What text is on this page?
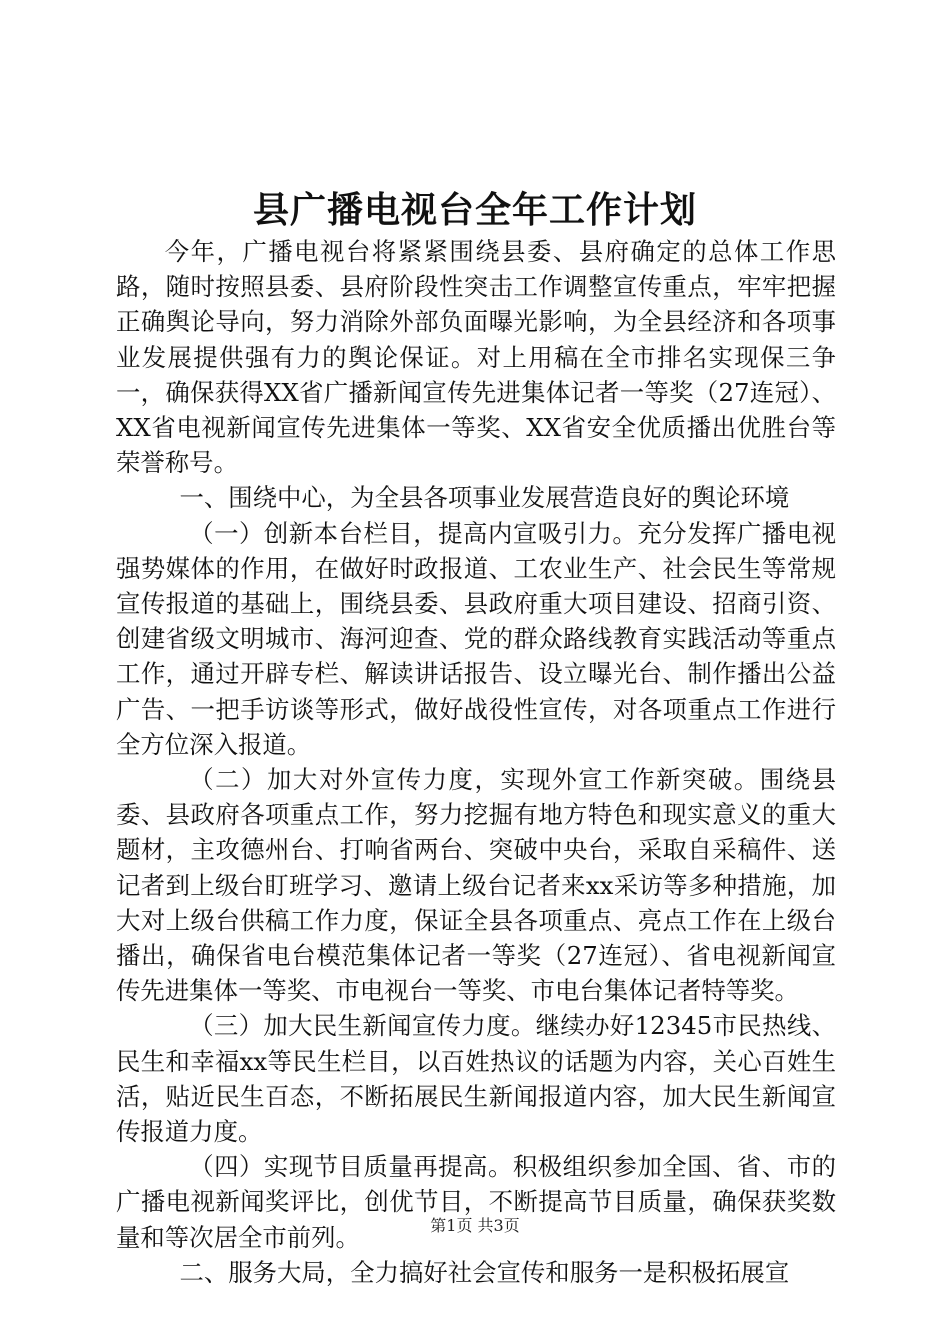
县广播电视台全年工作计划

今年，广播电视台将紧紧围绕县委、县府确定的总体工作思路，随时按照县委、县府阶段性突击工作调整宣传重点，牢牢把握正确舆论导向，努力消除外部负面曝光影响，为全县经济和各项事业发展提供强有力的舆论保证。对上用稿在全市排名实现保三争一，确保获得XX省广播新闻宣传先进集体记者一等奖（27连冠）、XX省电视新闻宣传先进集体一等奖、XX省安全优质播出优胜台等荣誉称号。

一、围绕中心，为全县各项事业发展营造良好的舆论环境

（一）创新本台栏目，提高内宣吸引力。充分发挥广播电视强势媒体的作用，在做好时政报道、工农业生产、社会民生等常规宣传报道的基础上，围绕县委、县政府重大项目建设、招商引资、创建省级文明城市、海河迎查、党的群众路线教育实践活动等重点工作，通过开辟专栏、解读讲话报告、设立曝光台、制作播出公益广告、一把手访谈等形式，做好战役性宣传，对各项重点工作进行全方位深入报道。

（二）加大对外宣传力度，实现外宣工作新突破。围绕县委、县政府各项重点工作，努力挖掘有地方特色和现实意义的重大题材，主攻德州台、打响省两台、突破中央台，采取自采稿件、送记者到上级台盯班学习、邀请上级台记者来xx采访等多种措施，加大对上级台供稿工作力度，保证全县各项重点、亮点工作在上级台播出，确保省电台模范集体记者一等奖（27连冠）、省电视新闻宣传先进集体一等奖、市电视台一等奖、市电台集体记者特等奖。

（三）加大民生新闻宣传力度。继续办好12345市民热线、民生和幸福xx等民生栏目，以百姓热议的话题为内容，关心百姓生活，贴近民生百态，不断拓展民生新闻报道内容，加大民生新闻宣传报道力度。

（四）实现节目质量再提高。积极组织参加全国、省、市的广播电视新闻奖评比，创优节目，不断提高节目质量，确保获奖数量和等次居全市前列。

二、服务大局，全力搞好社会宣传和服务一是积极拓展宣

第1页 共3页
